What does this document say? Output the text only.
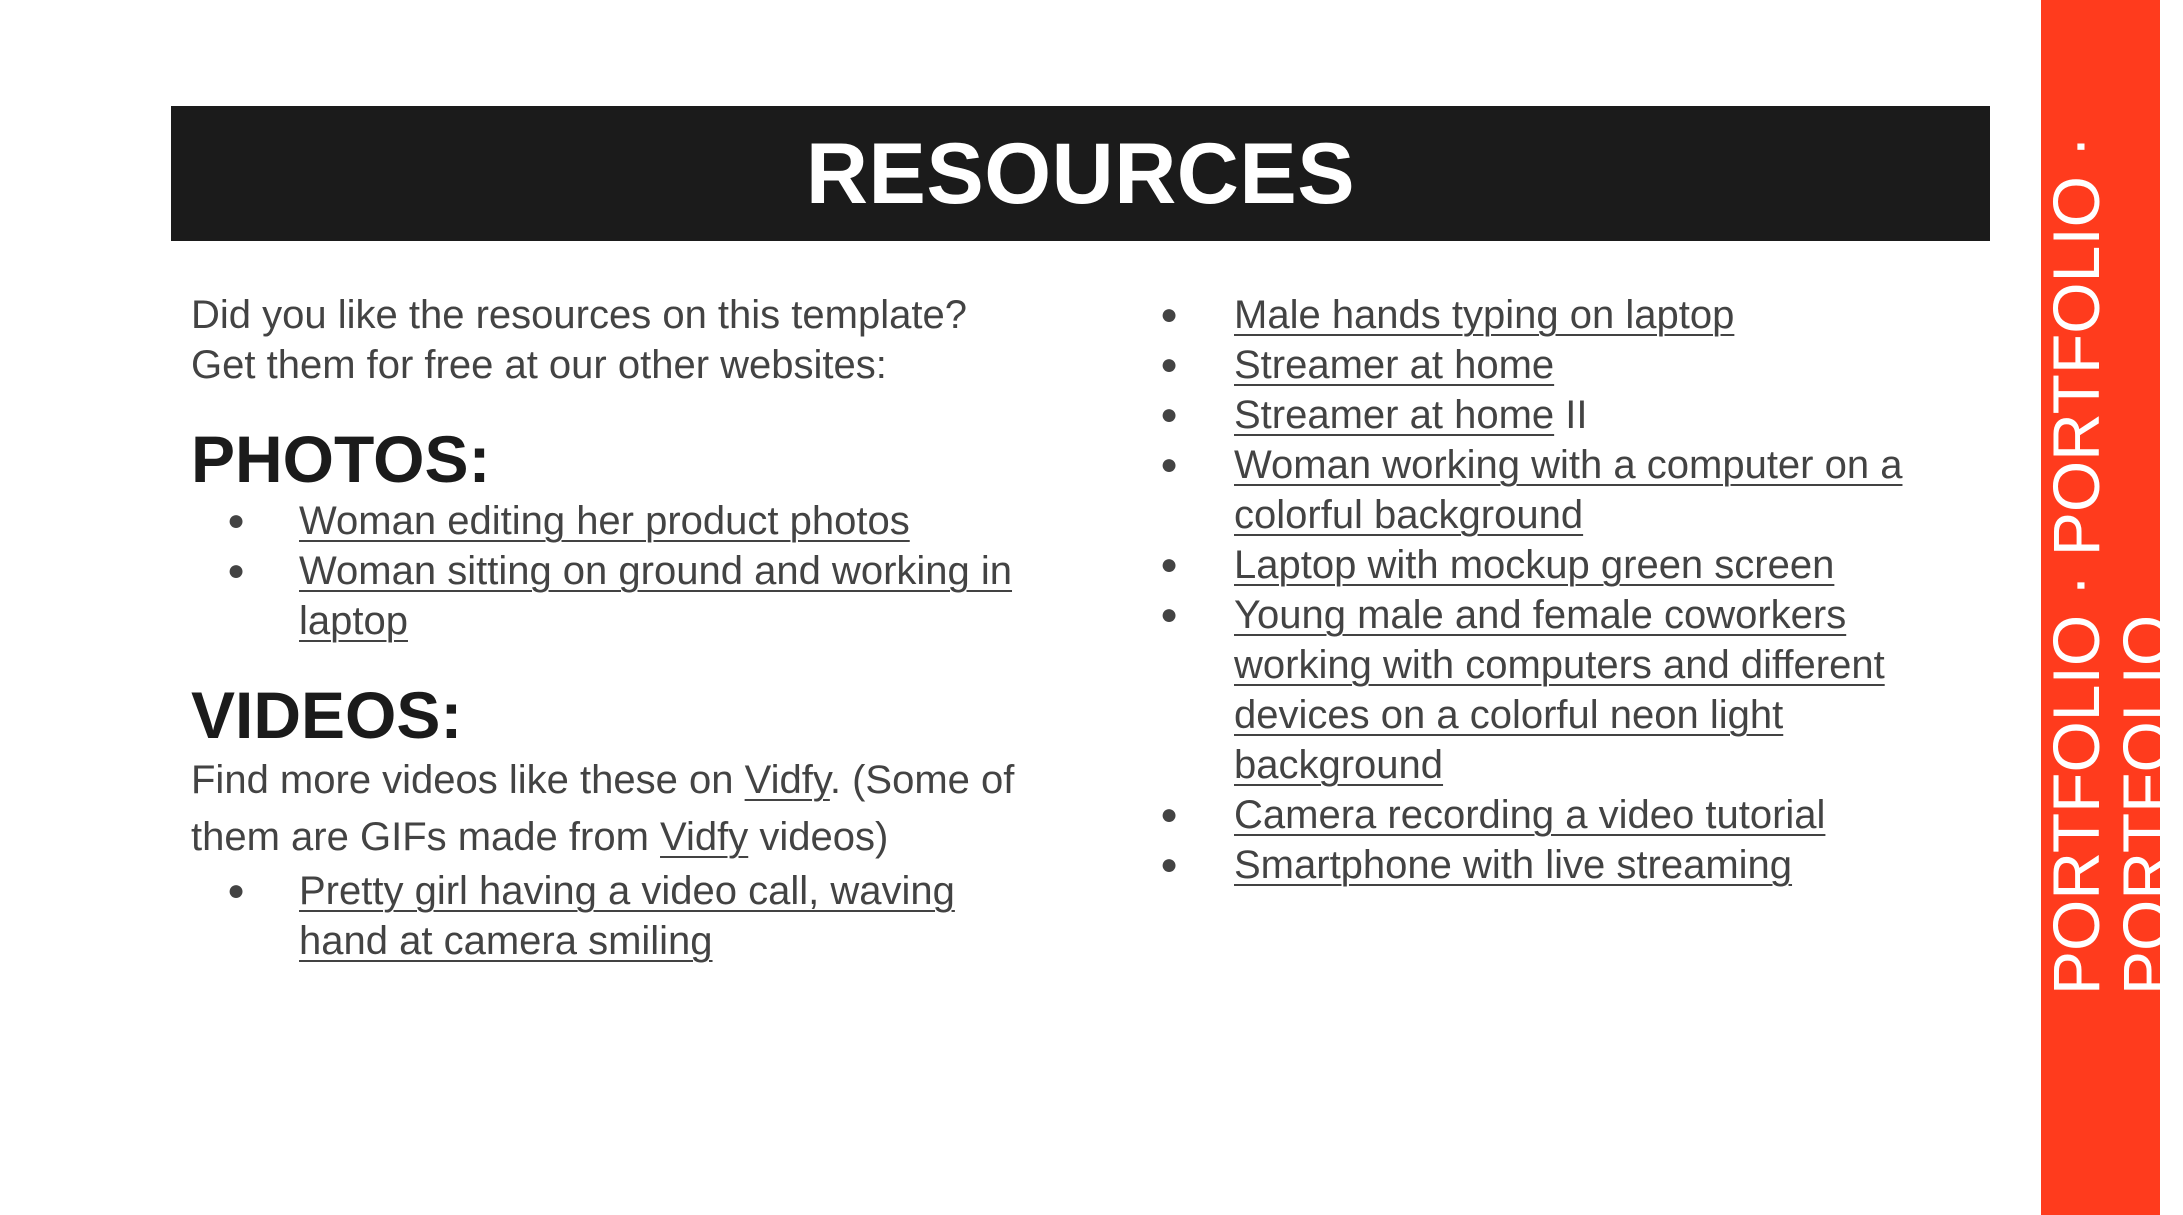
RESOURCES	PORTFOLIO · PORTFOLIO · PORTFOLIO

Did you like the resources on this template?
Get them for free at our other websites:

PHOTOS:
● Woman editing her product photos
● Woman sitting on ground and working in laptop
VIDEOS:

Find more videos like these on Vidfy. (Some of them are GIFs made from Vidfy videos)

● Pretty girl having a video call, waving hand at camera smiling
● Male hands typing on laptop
● Streamer at home
● Streamer at home II
● Woman working with a computer on a colorful background
● Laptop with mockup green screen
● Young male and female coworkers working with computers and different devices on a colorful neon light background
● Camera recording a video tutorial
● Smartphone with live streaming
